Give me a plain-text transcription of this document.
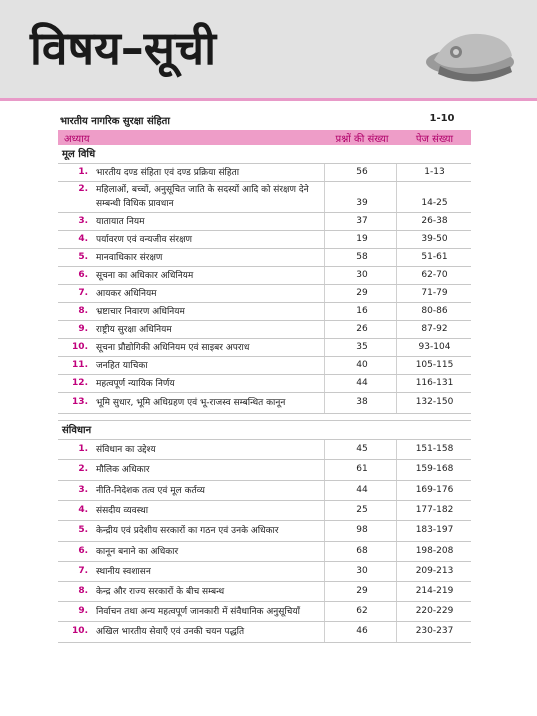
विषय–सूची
भारतीय नागरिक सुरक्षा संहिता	1-10
अध्याय	प्रश्नों की संख्या	पेज संख्या
मूल विधि
1. भारतीय दण्ड संहिता एवं दण्ड प्रक्रिया संहिता	56	1-13
2. महिलाओं, बच्चों, अनुसूचित जाति के सदस्यों आदि को संरक्षण देने सम्बन्धी विधिक प्रावधान	39	14-25
3. यातायात नियम	37	26-38
4. पर्यावरण एवं वन्यजीव संरक्षण	19	39-50
5. मानवाधिकार संरक्षण	58	51-61
6. सूचना का अधिकार अधिनियम	30	62-70
7. आयकर अधिनियम	29	71-79
8. भ्रष्टाचार निवारण अधिनियम	16	80-86
9. राष्ट्रीय सुरक्षा अधिनियम	26	87-92
10. सूचना प्रौद्योगिकी अधिनियम एवं साइबर अपराध	35	93-104
11. जनहित याचिका	40	105-115
12. महत्वपूर्ण न्यायिक निर्णय	44	116-131
13. भूमि सुधार, भूमि अधिग्रहण एवं भू-राजस्व सम्बन्धित कानून	38	132-150
संविधान
1. संविधान का उद्देश्य	45	151-158
2. मौलिक अधिकार	61	159-168
3. नीति-निदेशक तत्व एवं मूल कर्तव्य	44	169-176
4. संसदीय व्यवस्था	25	177-182
5. केन्द्रीय एवं प्रदेशीय सरकारों का गठन एवं उनके अधिकार	98	183-197
6. कानून बनाने का अधिकार	68	198-208
7. स्थानीय स्वशासन	30	209-213
8. केन्द्र और राज्य सरकारों के बीच सम्बन्ध	29	214-219
9. निर्वाचन तथा अन्य महत्वपूर्ण जानकारी में संवैधानिक अनुसूचियाँ	62	220-229
10. अखिल भारतीय सेवाएँ एवं उनकी चयन पद्धति	46	230-237
